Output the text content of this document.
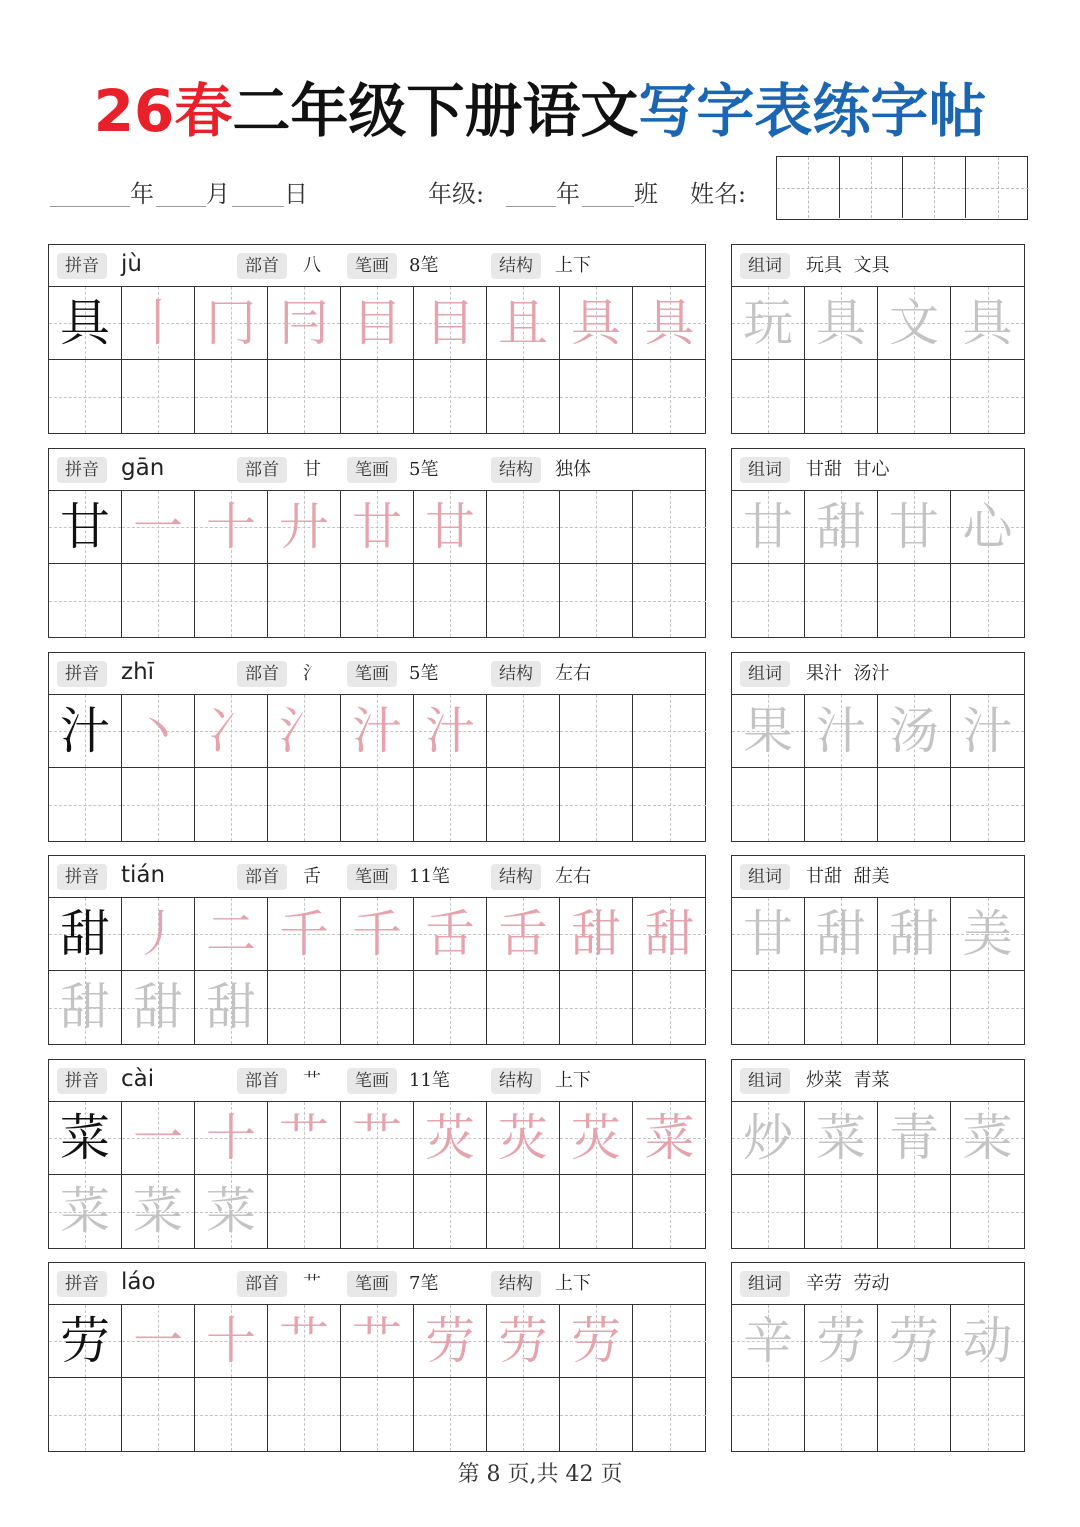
26春二年级下册语文写字表练字帖
年 月 日	年级:	年 班 姓名:
拼音 jù	部首	八	笔画	8笔	结构	上下
具 丨 冂 冃 目 目 且 具 具
组词	玩具  文具
玩 具 文 具
拼音 gān	部首	甘	笔画	5笔	结构	独体
甘 一 十 廾 廿 甘
组词	甘甜  甘心
甘 甜 甘 心
拼音 zhī	部首	氵	笔画	5笔	结构	左右
汁 丶 冫 氵 汁 汁
组词	果汁  汤汁
果 汁 汤 汁
拼音 tián	部首	舌	笔画	11笔	结构	左右
甜 丿 二 千 千 舌 舌 甜 甜
甜 甜 甜
组词	甘甜  甜美
甘 甜 甜 美
拼音 cài	部首	艹	笔画	11笔	结构	上下
菜 一 十 艹 艹 苂 苂 苂 菜
菜 菜 菜
组词	炒菜  青菜
炒 菜 青 菜
拼音 láo	部首	艹	笔画	7笔	结构	上下
劳 一 十 艹 艹 劳 劳 劳
组词	辛劳  劳动
辛 劳 劳 动
第 8 页,共 42 页
